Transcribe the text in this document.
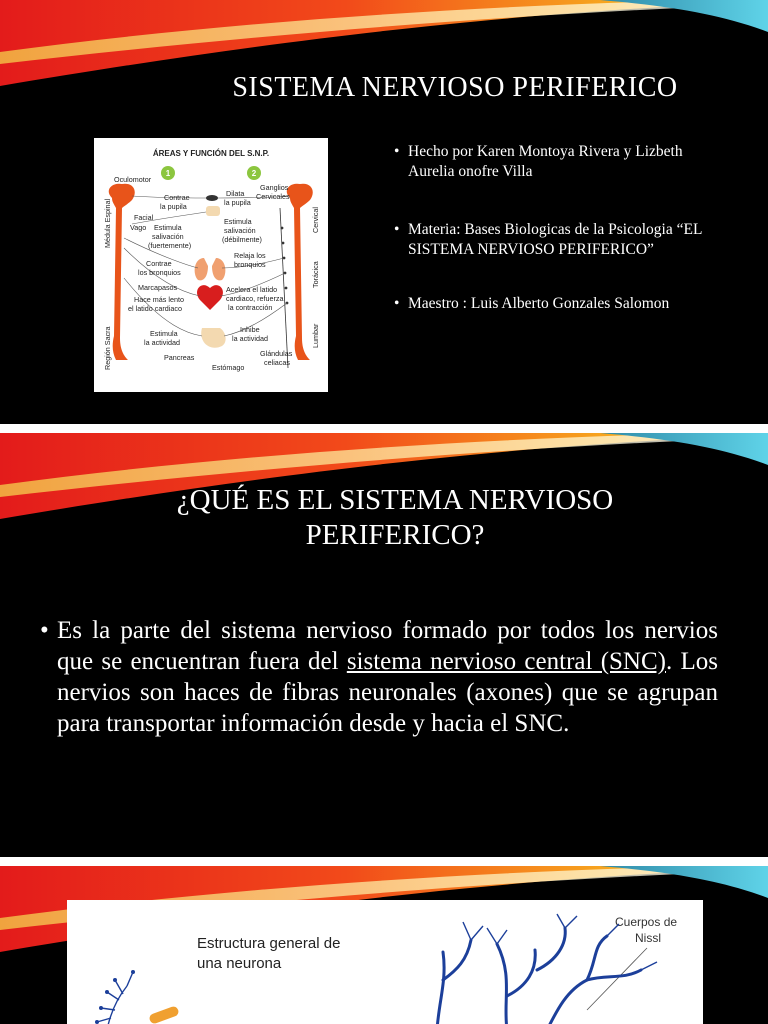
SISTEMA NERVIOSO PERIFERICO
ÁREAS Y FUNCIÓN DEL S.N.P.
1	2
Oculomotor
Contrae
la pupila
Dilata
la pupila
Ganglios
Cervicales
Facial
Vago Estimula
salivación
(fuertemente)
Estimula
salivación
(débilmente)
Médula Espinal	Cervical
Torácica
Lumbar
Región Sacra
Contrae
los bronquios
Relaja los
bronquios
Marcapasos
Hace más lento
el latido cardiaco
Acelera el latido
cardiaco, refuerza
la contracción
Estimula
la actividad
Inhibe
la actividad
Pancreas	Glándulas
celiacas
Estómago
• Hecho por Karen Montoya Rivera y Lizbeth Aurelia onofre Villa
• Materia: Bases Biologicas de la Psicologia “EL SISTEMA NERVIOSO PERIFERICO”
• Maestro : Luis Alberto Gonzales Salomon
¿QUÉ ES EL SISTEMA NERVIOSO PERIFERICO?
• Es la parte del sistema nervioso formado por todos los nervios que se encuentran fuera del sistema nervioso central (SNC). Los nervios son haces de fibras neuronales (axones) que se agrupan para transportar información desde y hacia el SNC.

Estructura general de
una neurona
Cuerpos de
Nissl
